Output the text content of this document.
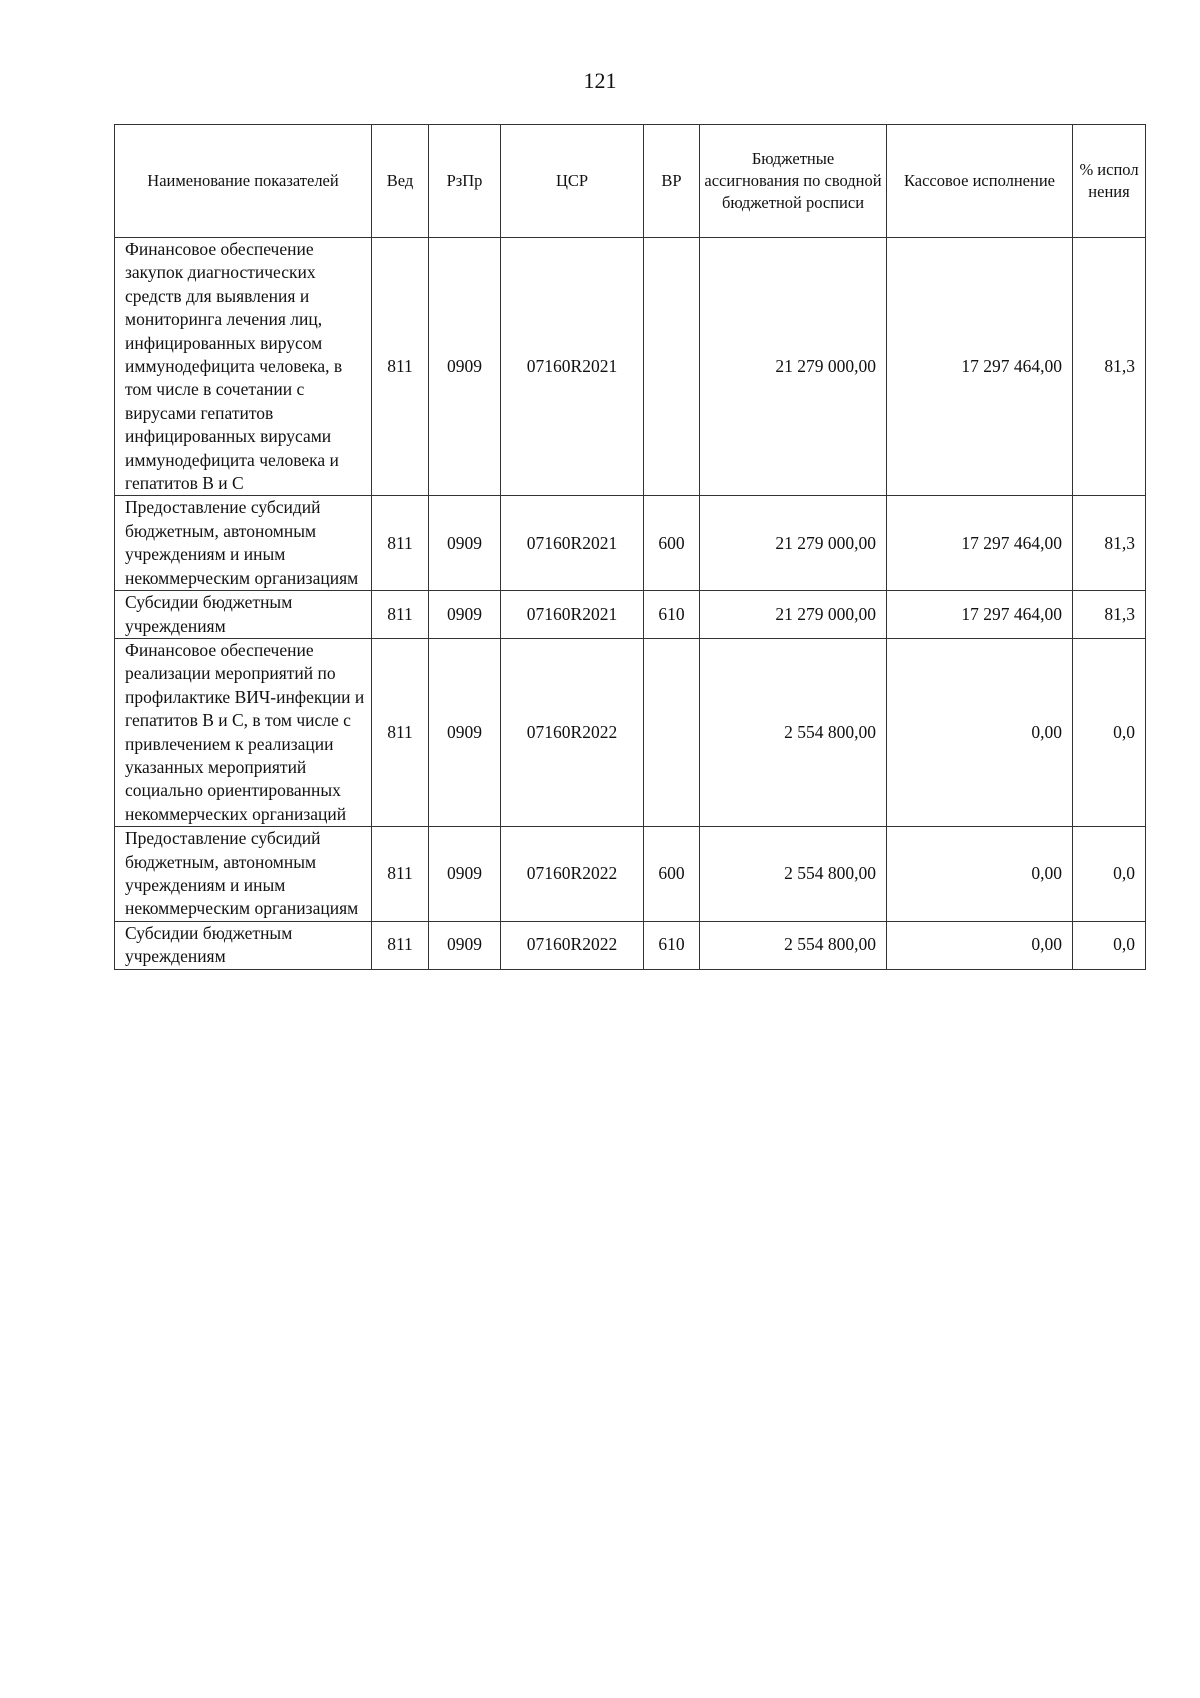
121
Наименование показателей	Вед	РзПр	ЦСР	ВР	Бюджетные ассигнования по сводной бюджетной росписи	Кассовое исполнение	% испол нения
Финансовое обеспечение закупок диагностических средств для выявления и мониторинга лечения лиц, инфицированных вирусом иммунодефицита человека, в том числе в сочетании с вирусами гепатитов инфицированных вирусами иммунодефицита человека и гепатитов В и С	811	0909	07160R2021		21 279 000,00	17 297 464,00	81,3
Предоставление субсидий бюджетным, автономным учреждениям и иным некоммерческим организациям	811	0909	07160R2021	600	21 279 000,00	17 297 464,00	81,3
Субсидии бюджетным учреждениям	811	0909	07160R2021	610	21 279 000,00	17 297 464,00	81,3
Финансовое обеспечение реализации мероприятий по профилактике ВИЧ-инфекции и гепатитов В и С, в том числе с привлечением к реализации указанных мероприятий социально ориентированных некоммерческих организаций	811	0909	07160R2022		2 554 800,00	0,00	0,0
Предоставление субсидий бюджетным, автономным учреждениям и иным некоммерческим организациям	811	0909	07160R2022	600	2 554 800,00	0,00	0,0
Субсидии бюджетным учреждениям	811	0909	07160R2022	610	2 554 800,00	0,00	0,0
